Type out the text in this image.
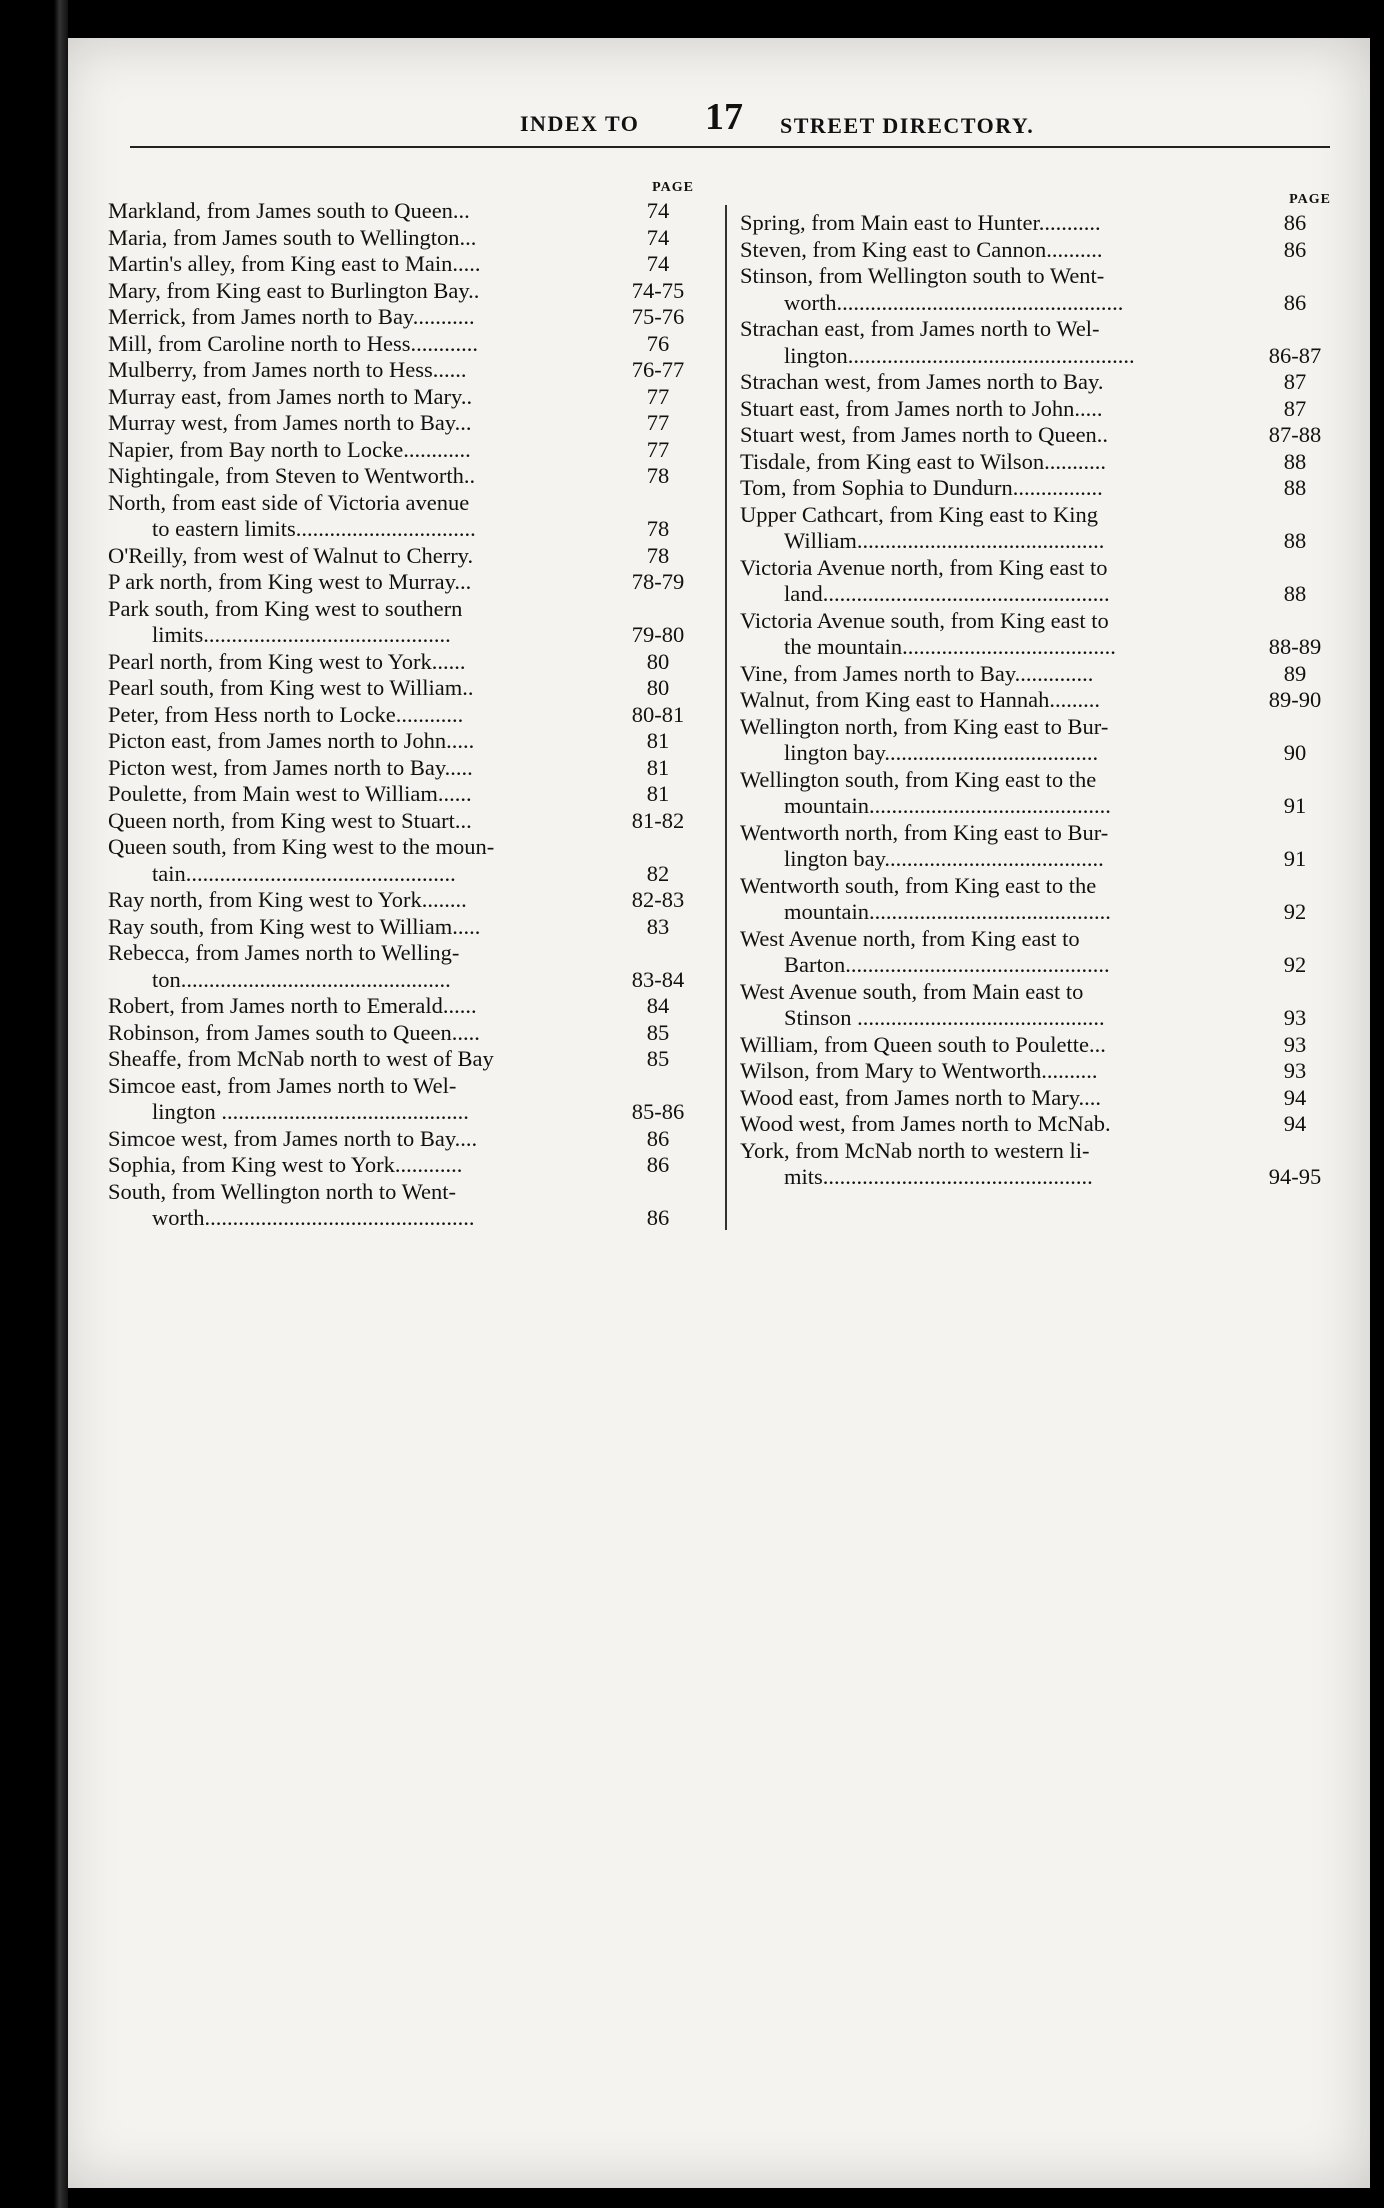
INDEX TO 17 STREET DIRECTORY.
PAGE
Markland, from James south to Queen...	74
Maria, from James south to Wellington...	74
Martin's alley, from King east to Main.....	74
Mary, from King east to Burlington Bay..	74-75
Merrick, from James north to Bay...........	75-76
Mill, from Caroline north to Hess............	76
Mulberry, from James north to Hess......	76-77
Murray east, from James north to Mary..	77
Murray west, from James north to Bay...	77
Napier, from Bay north to Locke............	77
Nightingale, from Steven to Wentworth..	78
North, from east side of Victoria avenue
to eastern limits................................	78
O'Reilly, from west of Walnut to Cherry.	78
P ark north, from King west to Murray...	78-79
Park south, from King west to southern
limits............................................	79-80
Pearl north, from King west to York......	80
Pearl south, from King west to William..	80
Peter, from Hess north to Locke............	80-81
Picton east, from James north to John.....	81
Picton west, from James north to Bay.....	81
Poulette, from Main west to William......	81
Queen north, from King west to Stuart...	81-82
Queen south, from King west to the moun-
tain................................................	82
Ray north, from King west to York........	82-83
Ray south, from King west to William.....	83
Rebecca, from James north to Welling-
ton................................................	83-84
Robert, from James north to Emerald......	84
Robinson, from James south to Queen.....	85
Sheaffe, from McNab north to west of Bay	85
Simcoe east, from James north to Wel-
lington ............................................	85-86
Simcoe west, from James north to Bay....	86
Sophia, from King west to York............	86
South, from Wellington north to Went-
worth................................................	86
PAGE
Spring, from Main east to Hunter...........	86
Steven, from King east to Cannon..........	86
Stinson, from Wellington south to Went-
worth...................................................	86
Strachan east, from James north to Wel-
lington...................................................	86-87
Strachan west, from James north to Bay.	87
Stuart east, from James north to John.....	87
Stuart west, from James north to Queen..	87-88
Tisdale, from King east to Wilson...........	88
Tom, from Sophia to Dundurn................	88
Upper Cathcart, from King east to King
William............................................	88
Victoria Avenue north, from King east to
land...................................................	88
Victoria Avenue south, from King east to
the mountain......................................	88-89
Vine, from James north to Bay..............	89
Walnut, from King east to Hannah.........	89-90
Wellington north, from King east to Bur-
lington bay......................................	90
Wellington south, from King east to the
mountain...........................................	91
Wentworth north, from King east to Bur-
lington bay.......................................	91
Wentworth south, from King east to the
mountain...........................................	92
West Avenue north, from King east to
Barton...............................................	92
West Avenue south, from Main east to
Stinson ............................................	93
William, from Queen south to Poulette...	93
Wilson, from Mary to Wentworth..........	93
Wood east, from James north to Mary....	94
Wood west, from James north to McNab.	94
York, from McNab north to western li-
mits................................................	94-95
